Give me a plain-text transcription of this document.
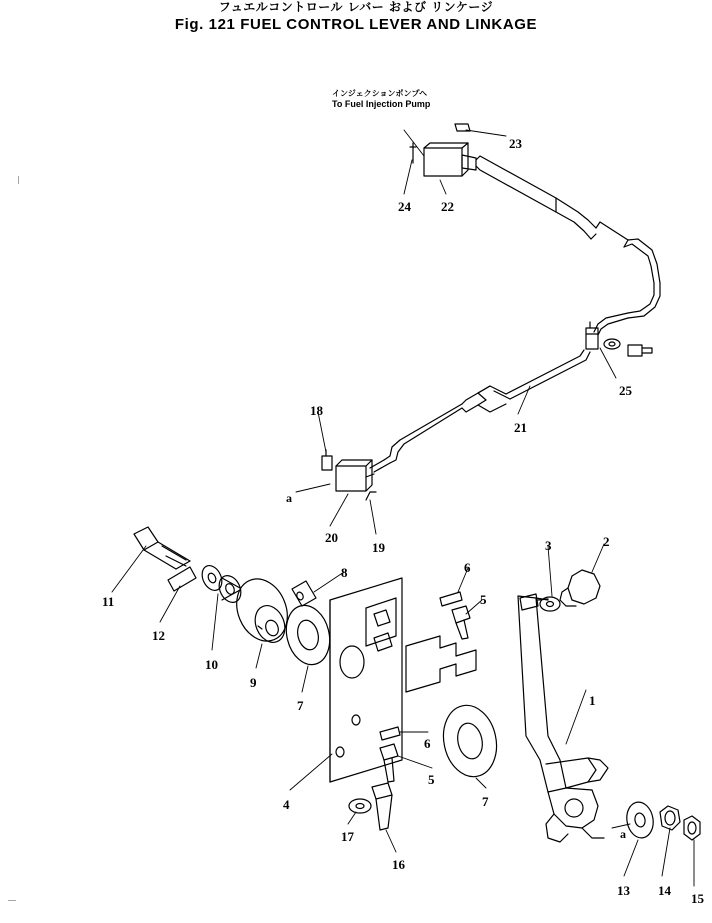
フュエルコントロール レバー および リンケージ
Fig. 121 FUEL CONTROL LEVER AND LINKAGE
インジェクションポンプヘ
To Fuel Injection Pump
23
24 22
25
18
21
a
20
19	3	2
8	6
11	5
12
10
9
7	1
6
5
7
4
17	a
16
13 14
15
